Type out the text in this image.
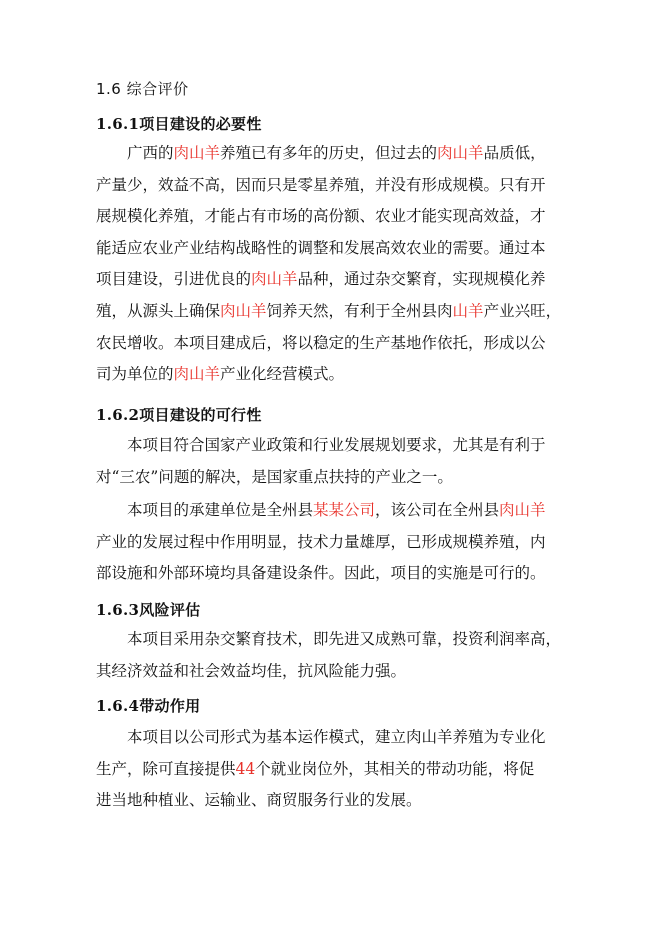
1.6 综合评价
1.6.1项目建设的必要性
广西的肉山羊养殖已有多年的历史，但过去的肉山羊品质低，
产量少，效益不高，因而只是零星养殖，并没有形成规模。只有开
展规模化养殖，才能占有市场的高份额、农业才能实现高效益，才
能适应农业产业结构战略性的调整和发展高效农业的需要。通过本
项目建设，引进优良的肉山羊品种，通过杂交繁育，实现规模化养
殖，从源头上确保肉山羊饲养天然，有利于全州县肉山羊产业兴旺，
农民增收。本项目建成后，将以稳定的生产基地作依托，形成以公
司为单位的肉山羊产业化经营模式。
1.6.2项目建设的可行性
本项目符合国家产业政策和行业发展规划要求，尤其是有利于
对“三农”问题的解决，是国家重点扶持的产业之一。
本项目的承建单位是全州县某某公司，该公司在全州县肉山羊
产业的发展过程中作用明显，技术力量雄厚，已形成规模养殖，内
部设施和外部环境均具备建设条件。因此，项目的实施是可行的。
1.6.3风险评估
本项目采用杂交繁育技术，即先进又成熟可靠，投资利润率高，
其经济效益和社会效益均佳，抗风险能力强。
1.6.4带动作用
本项目以公司形式为基本运作模式，建立肉山羊养殖为专业化
生产，除可直接提供44个就业岗位外，其相关的带动功能，将促
进当地种植业、运输业、商贸服务行业的发展。
